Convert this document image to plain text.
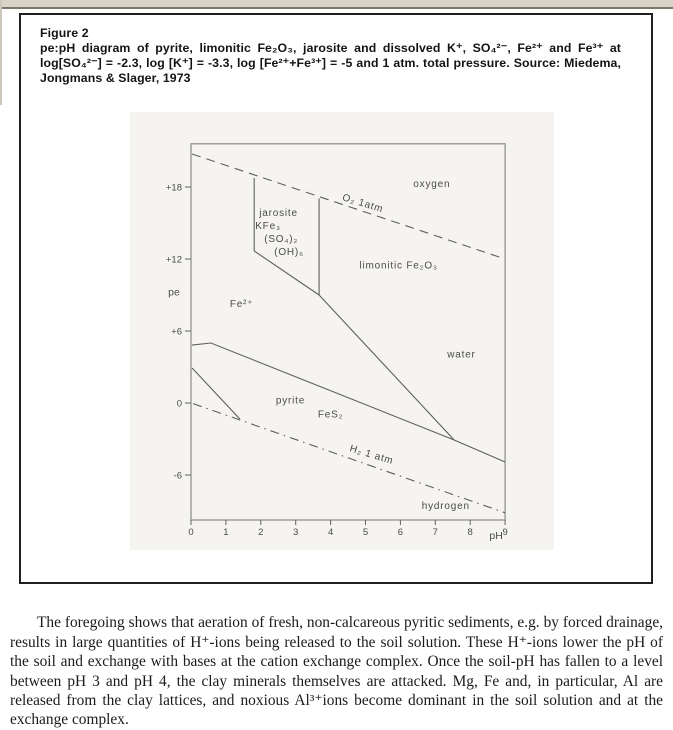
Figure 2

pe:pH diagram of pyrite, limonitic Fe₂O₃, jarosite and dissolved K⁺, SO₄²⁻, Fe²⁺ and Fe³⁺ at log[SO₄²⁻] = -2.3, log [K⁺] = -3.3, log [Fe²⁺+Fe³⁺] = -5 and 1 atm. total pressure. Source: Miedema, Jongmans & Slager, 1973

0	1	2	3	4	5	6	7	8	9
pH
+18
+12
+6
0
-6
pe
oxygen
O₂ 1atm
jarosite KFe₃ (SO₄)₂ (OH)₆
limonitic Fe₂O₃
Fe²⁺
water
pyrite
FeS₂
H₂ 1 atm
hydrogen

The foregoing shows that aeration of fresh, non-calcareous pyritic sediments, e.g. by forced drainage, results in large quantities of H⁺-ions being released to the soil solution. These H⁺-ions lower the pH of the soil and exchange with bases at the cation exchange complex. Once the soil-pH has fallen to a level between pH 3 and pH 4, the clay minerals themselves are attacked. Mg, Fe and, in particular, Al are released from the clay lattices, and noxious Al³⁺ions become dominant in the soil solution and at the exchange complex.
